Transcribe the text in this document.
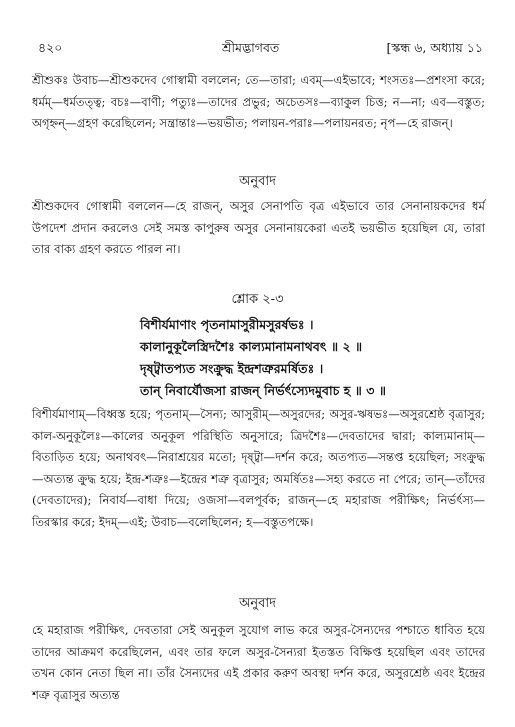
৪২০	শ্রীমদ্ভাগবত	[স্কন্ধ ৬, অধ্যায় ১১

শ্রীশুকঃ উবাচ—শ্রীশুকদেব গোস্বামী বললেন; তে—তারা; এবম্—এইভাবে; শংসতঃ—প্রশংসা করে; ধর্মম্—ধর্মতত্ত্ব; বচঃ—বাণী; পত্যুঃ—তাদের প্রভুর; অচেতসঃ—ব্যাকুল চিত্ত; ন—না; এব—বস্তুত; অগৃহ্নন্—গ্রহণ করেছিলেন; সন্ত্রান্তাঃ—ভয়ভীত; পলায়ন-পরাঃ—পলায়নরত; নৃপ—হে রাজন্।

অনুবাদ

শ্রীশুকদেব গোস্বামী বললেন—হে রাজন্, অসুর সেনাপতি বৃত্র এইভাবে তার সেনানায়কদের ধর্ম উপদেশ প্রদান করলেও সেই সমস্ত কাপুরুষ অসুর সেনানায়কেরা এতই ভয়ভীত হয়েছিল যে, তারা তার বাক্য গ্রহণ করতে পারল না।

শ্লোক ২-৩
বিশীর্যমাণাং পৃতনামাসুরীমসুরর্ষভঃ ।
কালানুকূলৈস্ত্রিদশৈঃ কাল্যমানামনাথবৎ ॥ ২ ॥
দৃষ্ট্বাতপ্যত সংক্রুদ্ধ ইন্দ্রশত্রুরমর্ষিতঃ ।
তান্ নিবার্যৌজসা রাজন্ নির্ভর্ৎস্যেদমুবাচ হ ॥ ৩ ॥

বিশীর্যমাণাম্—বিধ্বস্ত হয়ে; পৃতনাম্—সৈন্য; আসুরীম্—অসুরদের; অসুর-ঋষভঃ—অসুরশ্রেষ্ঠ বৃত্রাসুর; কাল-অনুকূলৈঃ—কালের অনুকূল পরিস্থিতি অনুসারে; ত্রিদশৈঃ—দেবতাদের দ্বারা; কাল্যমানাম্—বিতাড়িত হয়ে; অনাথবৎ—নিরাশ্রয়ের মতো; দৃষ্ট্বা—দর্শন করে; অতপ্যত—সন্তপ্ত হয়েছিল; সংক্রুদ্ধ—অত্যন্ত ক্রুদ্ধ হয়ে; ইন্দ্র-শত্রুঃ—ইন্দ্রের শত্রু বৃত্রাসুর; অমর্ষিতঃ—সহ্য করতে না পেরে; তান্—তাঁদের (দেবতাদের); নিবার্য—বাধা দিয়ে; ওজসা—বলপূর্বক; রাজন্—হে মহারাজ পরীক্ষিৎ; নির্ভর্ৎস্য—তিরস্কার করে; ইদম্—এই; উবাচ—বলেছিলেন; হ—বস্তুতপক্ষে।

অনুবাদ

হে মহারাজ পরীক্ষিৎ, দেবতারা সেই অনুকূল সুযোগ লাভ করে অসুর-সৈন্যদের পশ্চাতে ধাবিত হয়ে তাদের আক্রমণ করেছিলেন, এবং তার ফলে অসুর-সৈন্যরা ইতস্তত বিক্ষিপ্ত হয়েছিল এবং তাদের তখন কোন নেতা ছিল না। তাঁর সৈন্যদের এই প্রকার করুণ অবস্থা দর্শন করে, অসুরশ্রেষ্ঠ এবং ইন্দ্রের শত্রু বৃত্রাসুর অত্যন্ত
